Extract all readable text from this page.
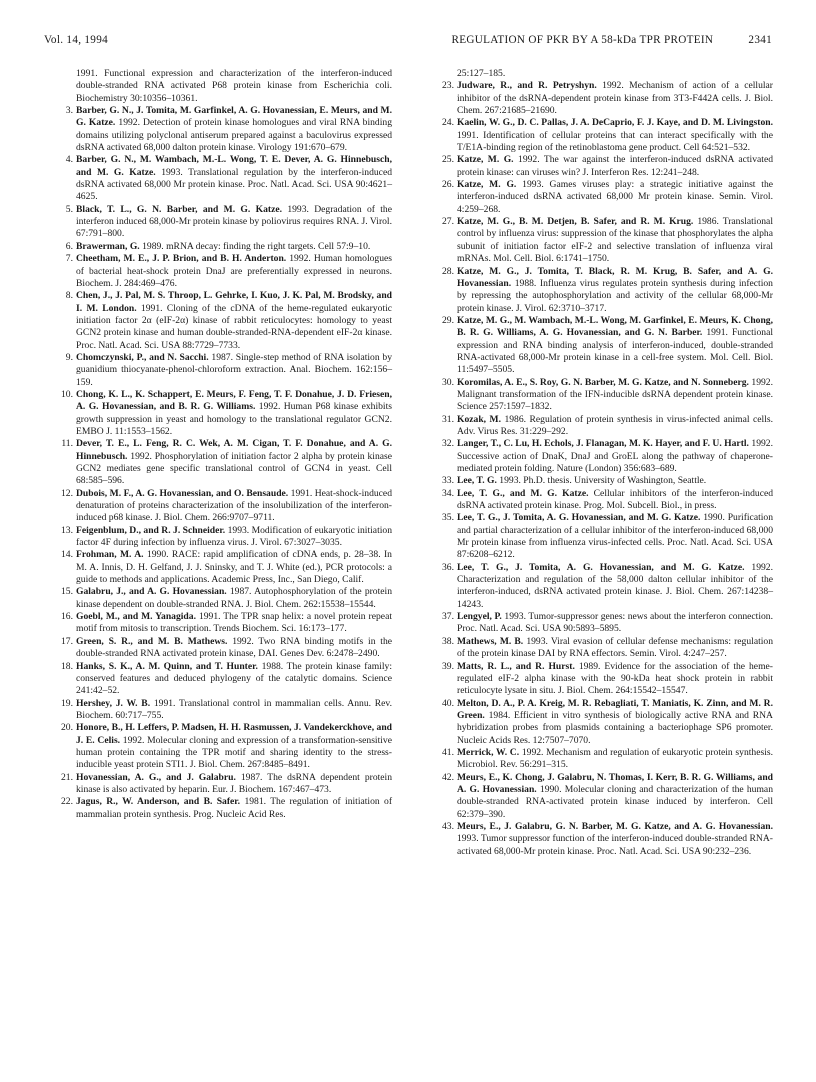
Vol. 14, 1994	REGULATION OF PKR BY A 58-kDa TPR PROTEIN	2341
1991. Functional expression and characterization of the interferon-induced double-stranded RNA activated P68 protein kinase from Escherichia coli. Biochemistry 30:10356–10361.
3. Barber, G. N., J. Tomita, M. Garfinkel, A. G. Hovanessian, E. Meurs, and M. G. Katze. 1992. Detection of protein kinase homologues and viral RNA binding domains utilizing polyclonal antiserum prepared against a baculovirus expressed dsRNA activated 68,000 dalton protein kinase. Virology 191:670–679.
4. Barber, G. N., M. Wambach, M.-L. Wong, T. E. Dever, A. G. Hinnebusch, and M. G. Katze. 1993. Translational regulation by the interferon-induced dsRNA activated 68,000 Mr protein kinase. Proc. Natl. Acad. Sci. USA 90:4621–4625.
5. Black, T. L., G. N. Barber, and M. G. Katze. 1993. Degradation of the interferon induced 68,000-Mr protein kinase by poliovirus requires RNA. J. Virol. 67:791–800.
6. Brawerman, G. 1989. mRNA decay: finding the right targets. Cell 57:9–10.
7. Cheetham, M. E., J. P. Brion, and B. H. Anderton. 1992. Human homologues of bacterial heat-shock protein DnaJ are preferentially expressed in neurons. Biochem. J. 284:469–476.
8. Chen, J., J. Pal, M. S. Throop, L. Gehrke, I. Kuo, J. K. Pal, M. Brodsky, and I. M. London. 1991. Cloning of the cDNA of the heme-regulated eukaryotic initiation factor 2α (eIF-2α) kinase of rabbit reticulocytes: homology to yeast GCN2 protein kinase and human double-stranded-RNA-dependent eIF-2α kinase. Proc. Natl. Acad. Sci. USA 88:7729–7733.
9. Chomczynski, P., and N. Sacchi. 1987. Single-step method of RNA isolation by guanidium thiocyanate-phenol-chloroform extraction. Anal. Biochem. 162:156–159.
10. Chong, K. L., K. Schappert, E. Meurs, F. Feng, T. F. Donahue, J. D. Friesen, A. G. Hovanessian, and B. R. G. Williams. 1992. Human P68 kinase exhibits growth suppression in yeast and homology to the translational regulator GCN2. EMBO J. 11:1553–1562.
11. Dever, T. E., L. Feng, R. C. Wek, A. M. Cigan, T. F. Donahue, and A. G. Hinnebusch. 1992. Phosphorylation of initiation factor 2 alpha by protein kinase GCN2 mediates gene specific translational control of GCN4 in yeast. Cell 68:585–596.
12. Dubois, M. F., A. G. Hovanessian, and O. Bensaude. 1991. Heat-shock-induced denaturation of proteins characterization of the insolubilization of the interferon-induced p68 kinase. J. Biol. Chem. 266:9707–9711.
13. Feigenblum, D., and R. J. Schneider. 1993. Modification of eukaryotic initiation factor 4F during infection by influenza virus. J. Virol. 67:3027–3035.
14. Frohman, M. A. 1990. RACE: rapid amplification of cDNA ends, p. 28–38. In M. A. Innis, D. H. Gelfand, J. J. Sninsky, and T. J. White (ed.), PCR protocols: a guide to methods and applications. Academic Press, Inc., San Diego, Calif.
15. Galabru, J., and A. G. Hovanessian. 1987. Autophosphorylation of the protein kinase dependent on double-stranded RNA. J. Biol. Chem. 262:15538–15544.
16. Goebl, M., and M. Yanagida. 1991. The TPR snap helix: a novel protein repeat motif from mitosis to transcription. Trends Biochem. Sci. 16:173–177.
17. Green, S. R., and M. B. Mathews. 1992. Two RNA binding motifs in the double-stranded RNA activated protein kinase, DAI. Genes Dev. 6:2478–2490.
18. Hanks, S. K., A. M. Quinn, and T. Hunter. 1988. The protein kinase family: conserved features and deduced phylogeny of the catalytic domains. Science 241:42–52.
19. Hershey, J. W. B. 1991. Translational control in mammalian cells. Annu. Rev. Biochem. 60:717–755.
20. Honore, B., H. Leffers, P. Madsen, H. H. Rasmussen, J. Vandekerckhove, and J. E. Celis. 1992. Molecular cloning and expression of a transformation-sensitive human protein containing the TPR motif and sharing identity to the stress-inducible yeast protein STI1. J. Biol. Chem. 267:8485–8491.
21. Hovanessian, A. G., and J. Galabru. 1987. The dsRNA dependent protein kinase is also activated by heparin. Eur. J. Biochem. 167:467–473.
22. Jagus, R., W. Anderson, and B. Safer. 1981. The regulation of initiation of mammalian protein synthesis. Prog. Nucleic Acid Res.
25:127–185.
23. Judware, R., and R. Petryshyn. 1992. Mechanism of action of a cellular inhibitor of the dsRNA-dependent protein kinase from 3T3-F442A cells. J. Biol. Chem. 267:21685–21690.
24. Kaelin, W. G., D. C. Pallas, J. A. DeCaprio, F. J. Kaye, and D. M. Livingston. 1991. Identification of cellular proteins that can interact specifically with the T/E1A-binding region of the retinoblastoma gene product. Cell 64:521–532.
25. Katze, M. G. 1992. The war against the interferon-induced dsRNA activated protein kinase: can viruses win? J. Interferon Res. 12:241–248.
26. Katze, M. G. 1993. Games viruses play: a strategic initiative against the interferon-induced dsRNA activated 68,000 Mr protein kinase. Semin. Virol. 4:259–268.
27. Katze, M. G., B. M. Detjen, B. Safer, and R. M. Krug. 1986. Translational control by influenza virus: suppression of the kinase that phosphorylates the alpha subunit of initiation factor eIF-2 and selective translation of influenza viral mRNAs. Mol. Cell. Biol. 6:1741–1750.
28. Katze, M. G., J. Tomita, T. Black, R. M. Krug, B. Safer, and A. G. Hovanessian. 1988. Influenza virus regulates protein synthesis during infection by repressing the autophosphorylation and activity of the cellular 68,000-Mr protein kinase. J. Virol. 62:3710–3717.
29. Katze, M. G., M. Wambach, M.-L. Wong, M. Garfinkel, E. Meurs, K. Chong, B. R. G. Williams, A. G. Hovanessian, and G. N. Barber. 1991. Functional expression and RNA binding analysis of interferon-induced, double-stranded RNA-activated 68,000-Mr protein kinase in a cell-free system. Mol. Cell. Biol. 11:5497–5505.
30. Koromilas, A. E., S. Roy, G. N. Barber, M. G. Katze, and N. Sonneberg. 1992. Malignant transformation of the IFN-inducible dsRNA dependent protein kinase. Science 257:1597–1832.
31. Kozak, M. 1986. Regulation of protein synthesis in virus-infected animal cells. Adv. Virus Res. 31:229–292.
32. Langer, T., C. Lu, H. Echols, J. Flanagan, M. K. Hayer, and F. U. Hartl. 1992. Successive action of DnaK, DnaJ and GroEL along the pathway of chaperone-mediated protein folding. Nature (London) 356:683–689.
33. Lee, T. G. 1993. Ph.D. thesis. University of Washington, Seattle.
34. Lee, T. G., and M. G. Katze. Cellular inhibitors of the interferon-induced dsRNA activated protein kinase. Prog. Mol. Subcell. Biol., in press.
35. Lee, T. G., J. Tomita, A. G. Hovanessian, and M. G. Katze. 1990. Purification and partial characterization of a cellular inhibitor of the interferon-induced 68,000 Mr protein kinase from influenza virus-infected cells. Proc. Natl. Acad. Sci. USA 87:6208–6212.
36. Lee, T. G., J. Tomita, A. G. Hovanessian, and M. G. Katze. 1992. Characterization and regulation of the 58,000 dalton cellular inhibitor of the interferon-induced, dsRNA activated protein kinase. J. Biol. Chem. 267:14238–14243.
37. Lengyel, P. 1993. Tumor-suppressor genes: news about the interferon connection. Proc. Natl. Acad. Sci. USA 90:5893–5895.
38. Mathews, M. B. 1993. Viral evasion of cellular defense mechanisms: regulation of the protein kinase DAI by RNA effectors. Semin. Virol. 4:247–257.
39. Matts, R. L., and R. Hurst. 1989. Evidence for the association of the heme-regulated eIF-2 alpha kinase with the 90-kDa heat shock protein in rabbit reticulocyte lysate in situ. J. Biol. Chem. 264:15542–15547.
40. Melton, D. A., P. A. Kreig, M. R. Rebagliati, T. Maniatis, K. Zinn, and M. R. Green. 1984. Efficient in vitro synthesis of biologically active RNA and RNA hybridization probes from plasmids containing a bacteriophage SP6 promoter. Nucleic Acids Res. 12:7507–7070.
41. Merrick, W. C. 1992. Mechanism and regulation of eukaryotic protein synthesis. Microbiol. Rev. 56:291–315.
42. Meurs, E., K. Chong, J. Galabru, N. Thomas, I. Kerr, B. R. G. Williams, and A. G. Hovanessian. 1990. Molecular cloning and characterization of the human double-stranded RNA-activated protein kinase induced by interferon. Cell 62:379–390.
43. Meurs, E., J. Galabru, G. N. Barber, M. G. Katze, and A. G. Hovanessian. 1993. Tumor suppressor function of the interferon-induced double-stranded RNA-activated 68,000-Mr protein kinase. Proc. Natl. Acad. Sci. USA 90:232–236.
